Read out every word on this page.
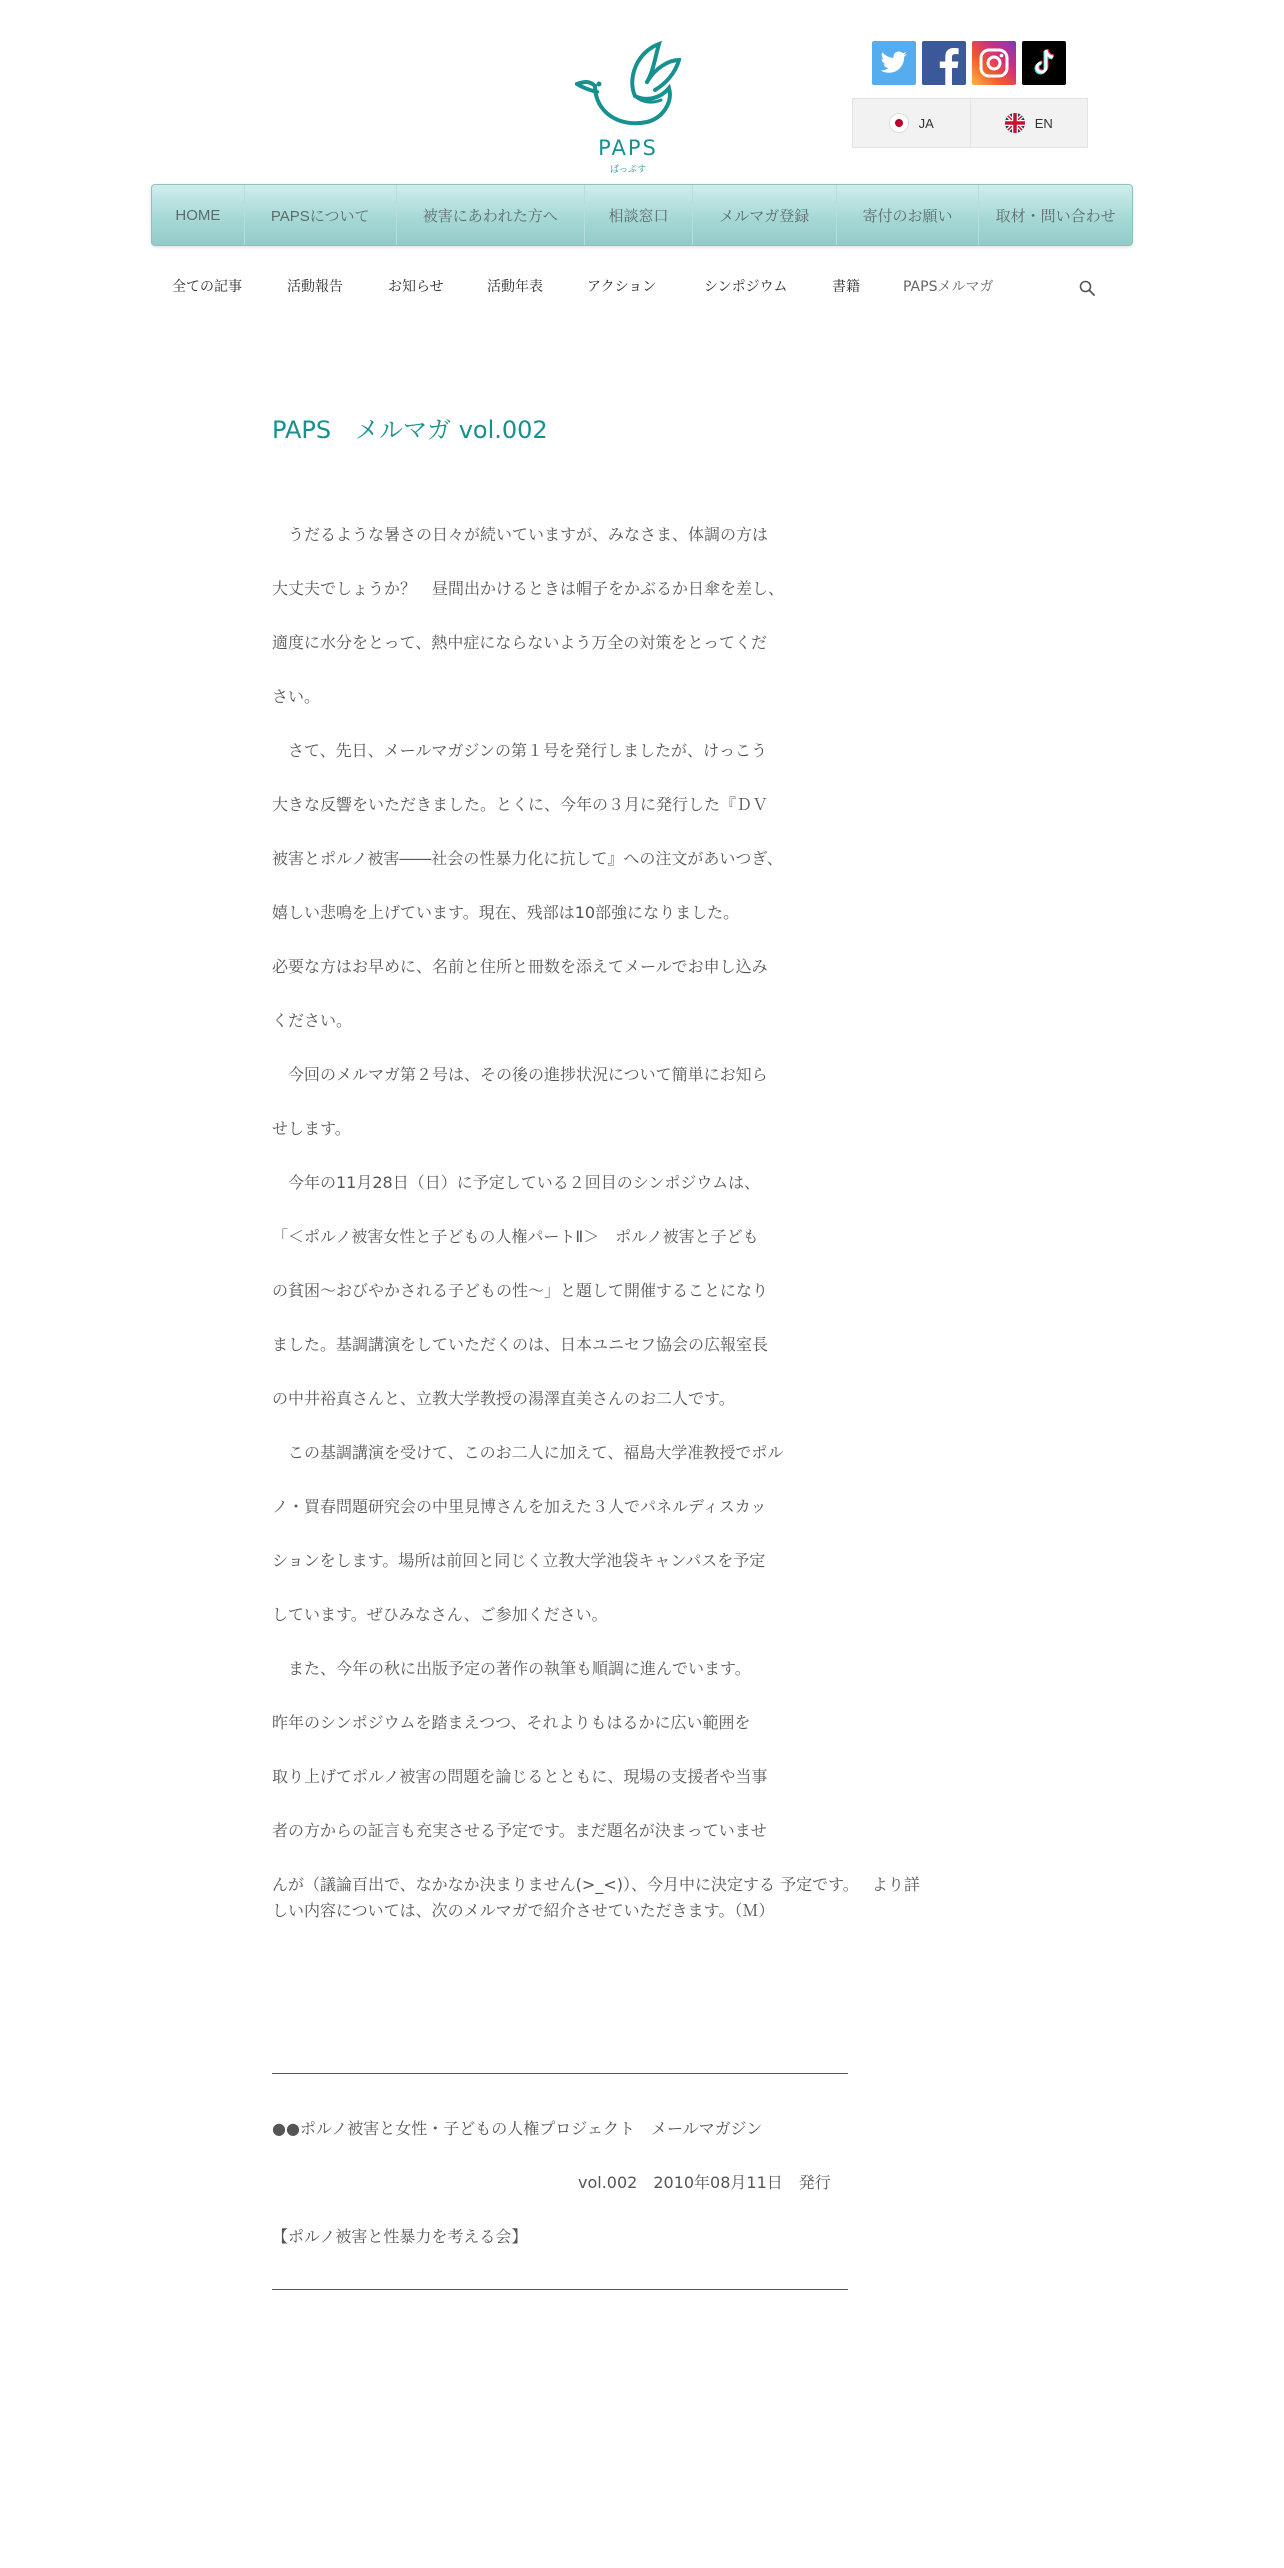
PAPS
ぱっぷす
JA	EN
HOME	PAPSについて	被害にあわれた方へ	相談窓口	メルマガ登録	寄付のお願い	取材・問い合わせ
全ての記事	活動報告	お知らせ	活動年表	アクション	シンポジウム	書籍	PAPSメルマガ
PAPS　メルマガ vol.002
　うだるような暑さの日々が続いていますが、みなさま、体調の方は
大丈夫でしょうか？　昼間出かけるときは帽子をかぶるか日傘を差し、
適度に水分をとって、熱中症にならないよう万全の対策をとってくだ
さい。
　さて、先日、メールマガジンの第１号を発行しましたが、けっこう
大きな反響をいただきました。とくに、今年の３月に発行した『ＤＶ
被害とポルノ被害――社会の性暴力化に抗して』への注文があいつぎ、
嬉しい悲鳴を上げています。現在、残部は10部強になりました。
必要な方はお早めに、名前と住所と冊数を添えてメールでお申し込み
ください。
　今回のメルマガ第２号は、その後の進捗状況について簡単にお知ら
せします。
　今年の11月28日（日）に予定している２回目のシンポジウムは、
「＜ポルノ被害女性と子どもの人権パートⅡ＞　ポルノ被害と子ども
の貧困～おびやかされる子どもの性～」と題して開催することになり
ました。基調講演をしていただくのは、日本ユニセフ協会の広報室長
の中井裕真さんと、立教大学教授の湯澤直美さんのお二人です。
　この基調講演を受けて、このお二人に加えて、福島大学准教授でポル
ノ・買春問題研究会の中里見博さんを加えた３人でパネルディスカッ
ションをします。場所は前回と同じく立教大学池袋キャンパスを予定
しています。ぜひみなさん、ご参加ください。
　また、今年の秋に出版予定の著作の執筆も順調に進んでいます。
昨年のシンポジウムを踏まえつつ、それよりもはるかに広い範囲を
取り上げてポルノ被害の問題を論じるとともに、現場の支援者や当事
者の方からの証言も充実させる予定です。まだ題名が決まっていませ
んが（議論百出で、なかなか決まりません(>_<)）、今月中に決定する 予定です。　 より詳
しい内容については、次のメルマガで紹介させていただきます。（Ｍ）
●●ポルノ被害と女性・子どもの人権プロジェクト　メールマガジン
vol.002　2010年08月11日　発行
【ポルノ被害と性暴力を考える会】
